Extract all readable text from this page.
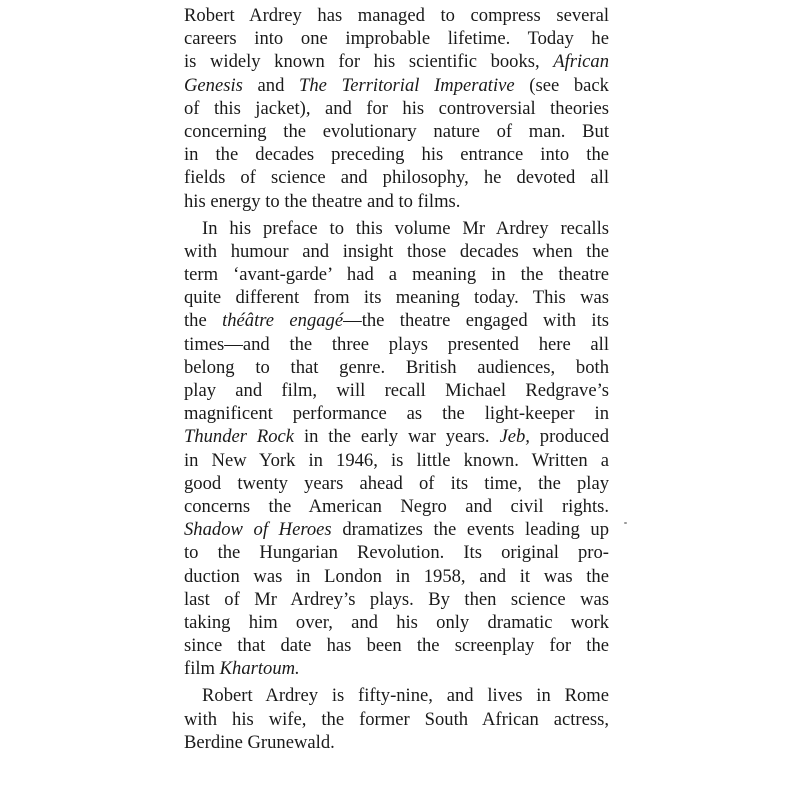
Robert Ardrey has managed to compress several
careers into one improbable lifetime. Today he
is widely known for his scientific books, African
Genesis and The Territorial Imperative (see back
of this jacket), and for his controversial theories
concerning the evolutionary nature of man. But
in the decades preceding his entrance into the
fields of science and philosophy, he devoted all
his energy to the theatre and to films.
In his preface to this volume Mr Ardrey recalls
with humour and insight those decades when the
term ‘avant-garde’ had a meaning in the theatre
quite different from its meaning today. This was
the théâtre engagé—the theatre engaged with its
times—and the three plays presented here all
belong to that genre. British audiences, both
play and film, will recall Michael Redgrave’s
magnificent performance as the light-keeper in
Thunder Rock in the early war years. Jeb, produced
in New York in 1946, is little known. Written a
good twenty years ahead of its time, the play
concerns the American Negro and civil rights.
Shadow of Heroes dramatizes the events leading up
to the Hungarian Revolution. Its original pro-
duction was in London in 1958, and it was the
last of Mr Ardrey’s plays. By then science was
taking him over, and his only dramatic work
since that date has been the screenplay for the
film Khartoum.
Robert Ardrey is fifty-nine, and lives in Rome
with his wife, the former South African actress,
Berdine Grunewald.
